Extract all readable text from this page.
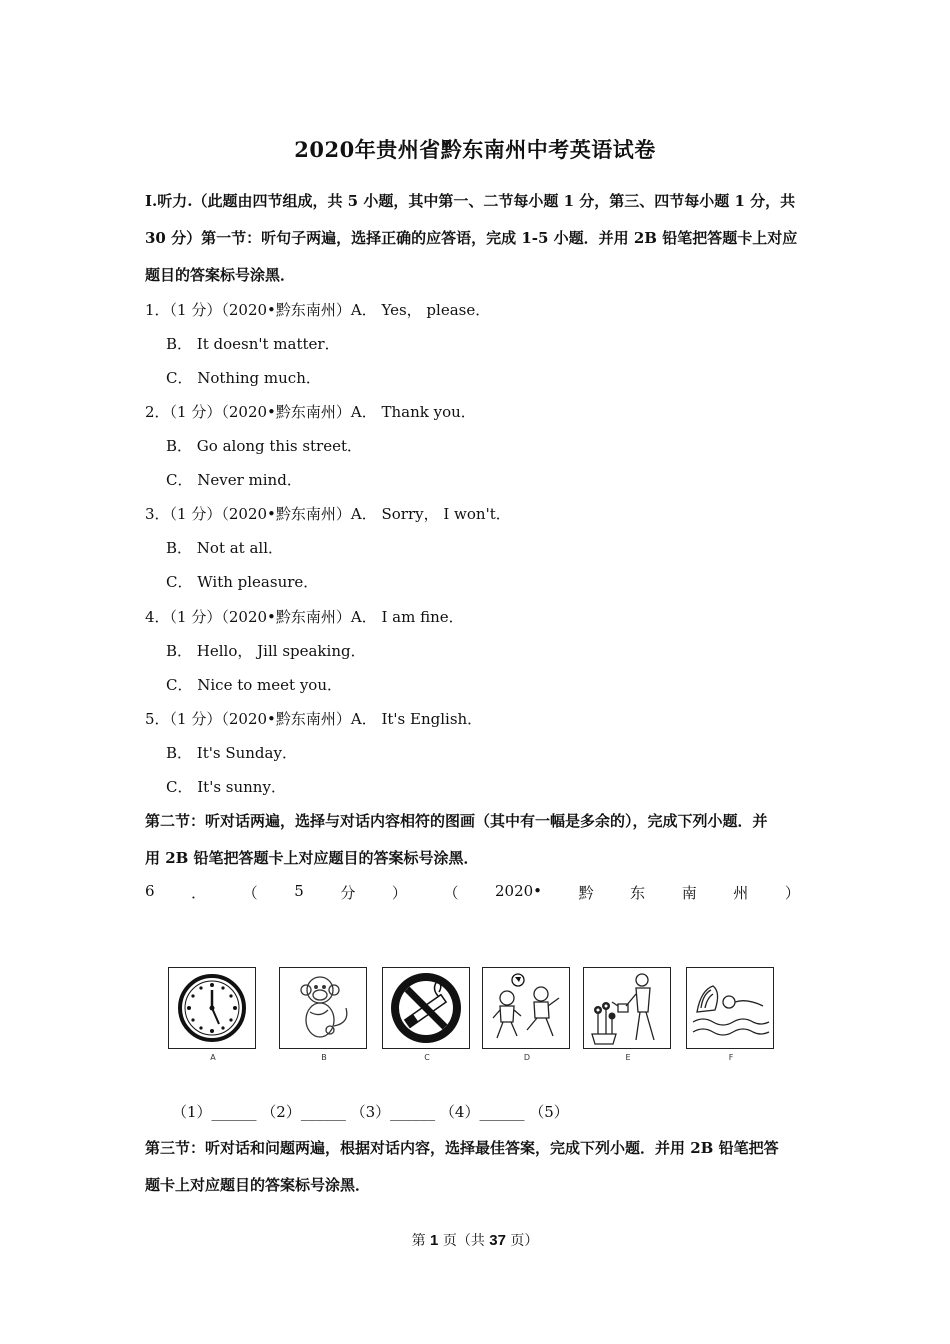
2020年贵州省黔东南州中考英语试卷
I.听力.（此题由四节组成，共 5 小题，其中第一、二节每小题 1 分，第三、四节每小题 1 分，共
30 分）第一节：听句子两遍，选择正确的应答语，完成 1-5 小题．并用 2B 铅笔把答题卡上对应
题目的答案标号涂黑．
1．（1 分）（2020•黔东南州）A． Yes， please．
B． It doesn't matter．
C． Nothing much．
2．（1 分）（2020•黔东南州）A． Thank you．
B． Go along this street．
C． Never mind．
3．（1 分）（2020•黔东南州）A． Sorry， I won't．
B． Not at all．
C． With pleasure．
4．（1 分）（2020•黔东南州）A． I am fine．
B． Hello， Jill speaking．
C． Nice to meet you．
5．（1 分）（2020•黔东南州）A． It's English．
B． It's Sunday．
C． It's sunny．
第二节：听对话两遍，选择与对话内容相符的图画（其中有一幅是多余的），完成下列小题．并
用 2B 铅笔把答题卡上对应题目的答案标号涂黑．
6 ． （ 5 分 ） （ 2020• 黔 东 南 州 ）
A	B	C	D	E	F
（1）______ （2）______ （3）______ （4）______ （5）
第三节：听对话和问题两遍，根据对话内容，选择最佳答案，完成下列小题．并用 2B 铅笔把答
题卡上对应题目的答案标号涂黑．
第 1 页（共 37 页）
